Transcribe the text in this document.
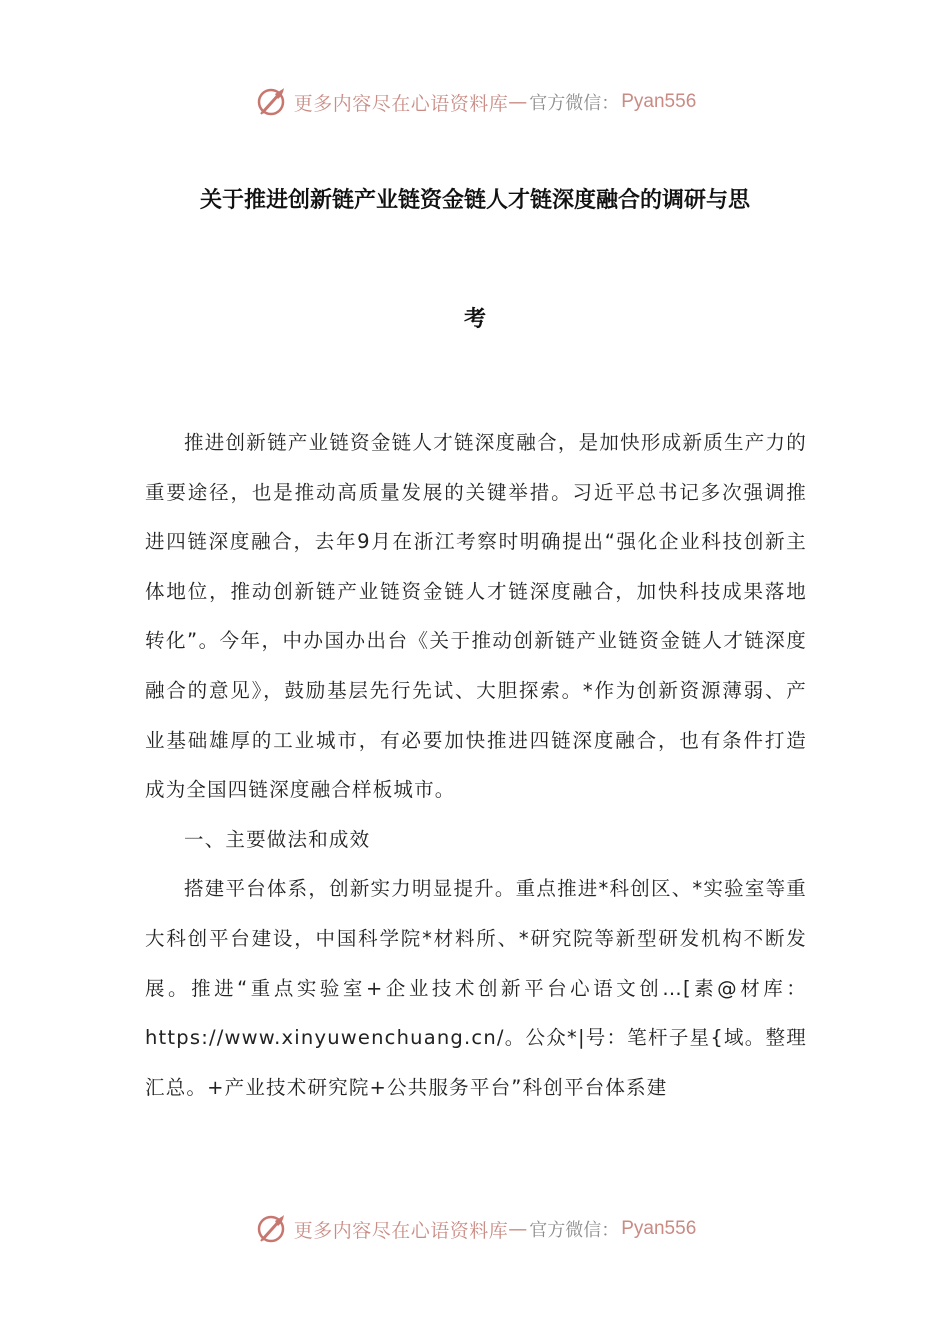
更多内容尽在心语资料库 — 官方微信： Pyan556
关于推进创新链产业链资金链人才链深度融合的调研与思
考

推进创新链产业链资金链人才链深度融合，是加快形成新质生产力的重要途径，也是推动高质量发展的关键举措。习近平总书记多次强调推进四链深度融合，去年9月在浙江考察时明确提出“强化企业科技创新主体地位，推动创新链产业链资金链人才链深度融合，加快科技成果落地转化”。今年，中办国办出台《关于推动创新链产业链资金链人才链深度融合的意见》，鼓励基层先行先试、大胆探索。*作为创新资源薄弱、产业基础雄厚的工业城市，有必要加快推进四链深度融合，也有条件打造成为全国四链深度融合样板城市。

一、主要做法和成效

搭建平台体系，创新实力明显提升。重点推进*科创区、*实验室等重大科创平台建设，中国科学院*材料所、*研究院等新型研发机构不断发展。推进“重点实验室+企业技术创新平台心语文创…[素@材库：https://www.xinyuwenchuang.cn/。公众*|号：笔杆子星{域。整理汇总。+产业技术研究院+公共服务平台”科创平台体系建

更多内容尽在心语资料库 — 官方微信： Pyan556
